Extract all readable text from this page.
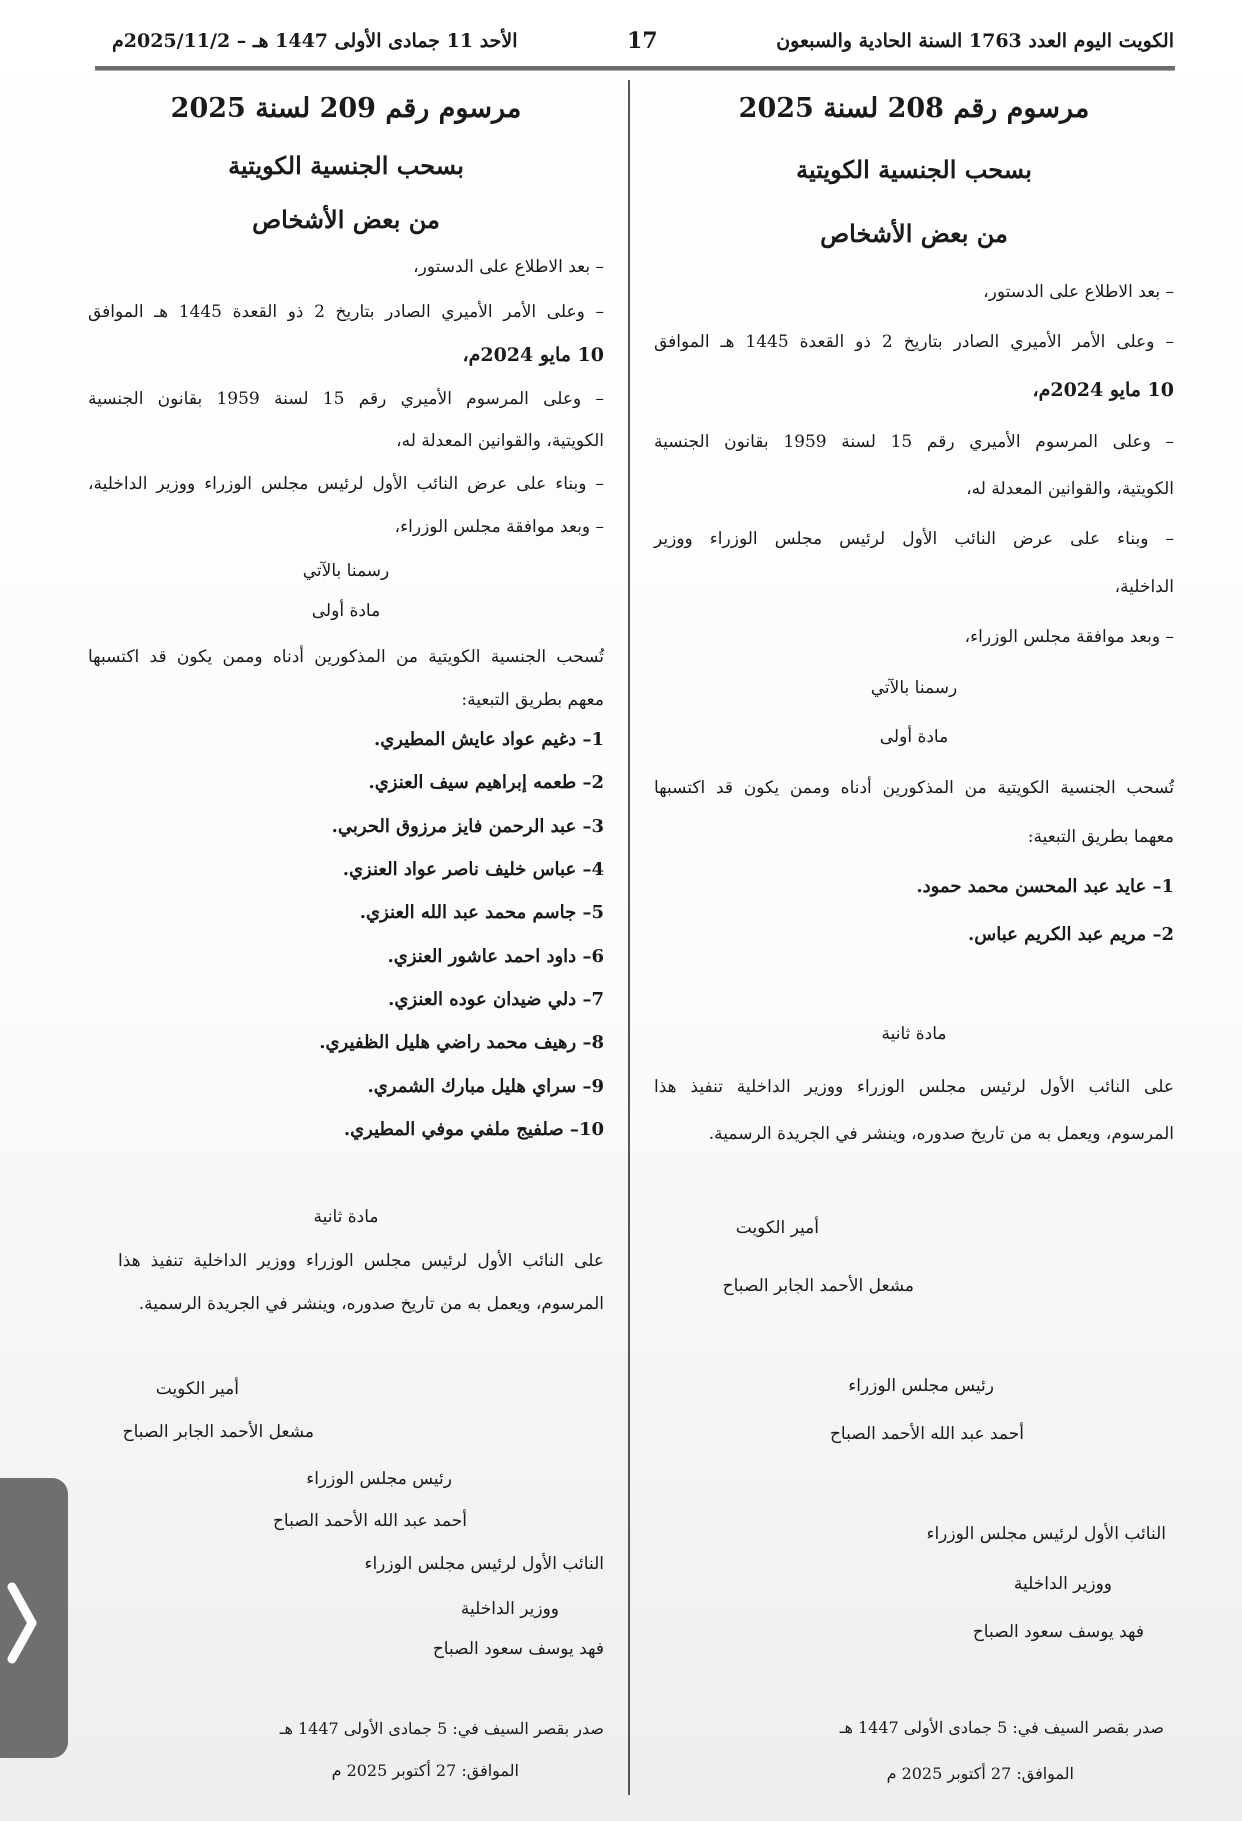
الكويت اليوم العدد 1763 السنة الحادية والسبعون
17
الأحد 11 جمادى الأولى 1447 هـ – 2025/11/2م
مرسوم رقم 208 لسنة 2025
بسحب الجنسية الكويتية
من بعض الأشخاص
– بعد الاطلاع على الدستور،
– وعلى الأمر الأميري الصادر بتاريخ 2 ذو القعدة 1445 هـ الموافق
10 مايو 2024م،
– وعلى المرسوم الأميري رقم 15 لسنة 1959 بقانون الجنسية
الكويتية، والقوانين المعدلة له،
– وبناء على عرض النائب الأول لرئيس مجلس الوزراء ووزير
الداخلية،
– وبعد موافقة مجلس الوزراء،
رسمنا بالآتي
مادة أولى
تُسحب الجنسية الكويتية من المذكورين أدناه وممن يكون قد اكتسبها
معهما بطريق التبعية:
1– عايد عبد المحسن محمد حمود.
2– مريم عبد الكريم عباس.
مادة ثانية
على النائب الأول لرئيس مجلس الوزراء ووزير الداخلية تنفيذ هذا
المرسوم، ويعمل به من تاريخ صدوره، وينشر في الجريدة الرسمية.
أمير الكويت
مشعل الأحمد الجابر الصباح
رئيس مجلس الوزراء
أحمد عبد الله الأحمد الصباح
النائب الأول لرئيس مجلس الوزراء
ووزير الداخلية
فهد يوسف سعود الصباح
صدر بقصر السيف في: 5 جمادى الأولى 1447 هـ
الموافق: 27 أكتوبر 2025 م
مرسوم رقم 209 لسنة 2025
بسحب الجنسية الكويتية
من بعض الأشخاص
– بعد الاطلاع على الدستور،
– وعلى الأمر الأميري الصادر بتاريخ 2 ذو القعدة 1445 هـ الموافق
10 مايو 2024م،
– وعلى المرسوم الأميري رقم 15 لسنة 1959 بقانون الجنسية
الكويتية، والقوانين المعدلة له،
– وبناء على عرض النائب الأول لرئيس مجلس الوزراء ووزير الداخلية،
– وبعد موافقة مجلس الوزراء،
رسمنا بالآتي
مادة أولى
تُسحب الجنسية الكويتية من المذكورين أدناه وممن يكون قد اكتسبها
معهم بطريق التبعية:
1– دغيم عواد عايش المطيري.
2– طعمه إبراهيم سيف العنزي.
3– عبد الرحمن فايز مرزوق الحربي.
4– عباس خليف ناصر عواد العنزي.
5– جاسم محمد عبد الله العنزي.
6– داود احمد عاشور العنزي.
7– دلي ضيدان عوده العنزي.
8– رهيف محمد راضي هليل الظفيري.
9– سراي هليل مبارك الشمري.
10– صلفيج ملفي موفي المطيري.
مادة ثانية
على النائب الأول لرئيس مجلس الوزراء ووزير الداخلية تنفيذ هذا
المرسوم، ويعمل به من تاريخ صدوره، وينشر في الجريدة الرسمية.
أمير الكويت
مشعل الأحمد الجابر الصباح
رئيس مجلس الوزراء
أحمد عبد الله الأحمد الصباح
النائب الأول لرئيس مجلس الوزراء
ووزير الداخلية
فهد يوسف سعود الصباح
صدر بقصر السيف في: 5 جمادى الأولى 1447 هـ
الموافق: 27 أكتوبر 2025 م
